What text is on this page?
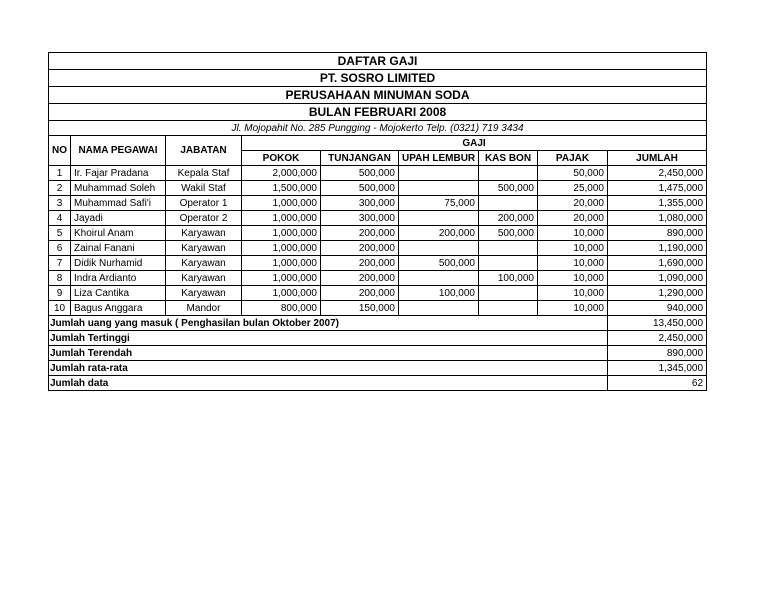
DAFTAR GAJI								
PT. SOSRO LIMITED								
PERUSAHAAN MINUMAN SODA								
BULAN FEBRUARI 2008								
Jl. Mojopahit No. 285 Pungging - Mojokerto Telp. (0321) 719 3434								
NO	NAMA PEGAWAI	JABATAN	GAJI					
			POKOK	TUNJANGAN	UPAH LEMBUR	KAS BON	PAJAK	JUMLAH
1	Ir. Fajar Pradana	Kepala Staf	2,000,000	500,000			50,000	2,450,000
2	Muhammad Soleh	Wakil Staf	1,500,000	500,000		500,000	25,000	1,475,000
3	Muhammad Safi'i	Operator 1	1,000,000	300,000	75,000		20,000	1,355,000
4	Jayadi	Operator 2	1,000,000	300,000		200,000	20,000	1,080,000
5	Khoirul Anam	Karyawan	1,000,000	200,000	200,000	500,000	10,000	890,000
6	Zainal Fanani	Karyawan	1,000,000	200,000			10,000	1,190,000
7	Didik Nurhamid	Karyawan	1,000,000	200,000	500,000		10,000	1,690,000
8	Indra Ardianto	Karyawan	1,000,000	200,000		100,000	10,000	1,090,000
9	Liza Cantika	Karyawan	1,000,000	200,000	100,000		10,000	1,290,000
10	Bagus Anggara	Mandor	800,000	150,000			10,000	940,000
Jumlah uang yang masuk ( Penghasilan bulan Oktober 2007)								13,450,000
Jumlah Tertinggi								2,450,000
Jumlah Terendah								890,000
Jumlah rata-rata								1,345,000
Jumlah data								62
